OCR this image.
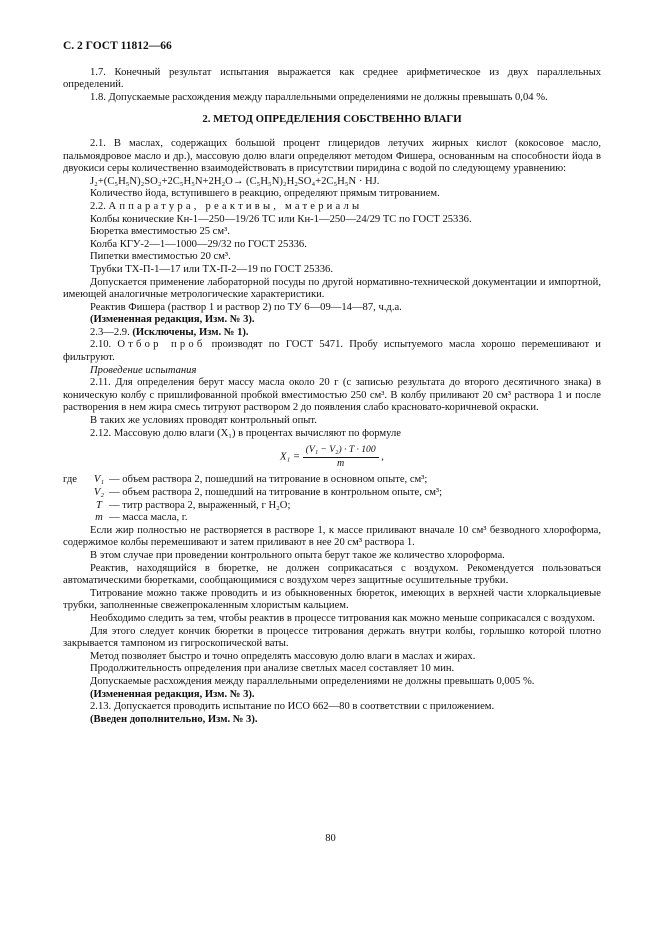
С. 2 ГОСТ 11812—66

1.7. Конечный результат испытания выражается как среднее арифметическое из двух параллельных определений.

1.8. Допускаемые расхождения между параллельными определениями не должны превышать 0,04 %.

2. МЕТОД ОПРЕДЕЛЕНИЯ СОБСТВЕННО ВЛАГИ

2.1. В маслах, содержащих большой процент глицеридов летучих жирных кислот (кокосовое масло, пальмоядровое масло и др.), массовую долю влаги определяют методом Фишера, основанным на способности йода в двуокиси серы количественно взаимодействовать в присутствии пиридина с водой по следующему уравнению:

J₂+(C₅H₅N)₂SO₂+2C₅H₅N+2H₂O→ (C₅H₅N)₂H₂SO₄+2C₅H₅N · HJ.

Количество йода, вступившего в реакцию, определяют прямым титрованием.

2.2. Аппаратура, реактивы, материалы

Колбы конические Кн-1—250—19/26 ТС или Кн-1—250—24/29 ТС по ГОСТ 25336.

Бюретка вместимостью 25 см³.

Колба КГУ-2—1—1000—29/32 по ГОСТ 25336.

Пипетки вместимостью 20 см³.

Трубки ТХ-П-1—17 или ТХ-П-2—19 по ГОСТ 25336.

Допускается применение лабораторной посуды по другой нормативно-технической документации и импортной, имеющей аналогичные метрологические характеристики.

Реактив Фишера (раствор 1 и раствор 2) по ТУ 6—09—14—87, ч.д.а.

(Измененная редакция, Изм. № 3).

2.3—2.9. (Исключены, Изм. № 1).

2.10. Отбор проб производят по ГОСТ 5471. Пробу испытуемого масла хорошо перемешивают и фильтруют.

Проведение испытания

2.11. Для определения берут массу масла около 20 г (с записью результата до второго десятичного знака) в коническую колбу с пришлифованной пробкой вместимостью 250 см³. В колбу приливают 20 см³ раствора 1 и после растворения в нем жира смесь титруют раствором 2 до появления слабо красновато-коричневой окраски.

В таких же условиях проводят контрольный опыт.

2.12. Массовую долю влаги (X₁) в процентах вычисляют по формуле

$X_1 = \frac{\text{(V₁ − V₂) · T · 100}}{m}$ ,
где	V₁ — объем раствора 2, пошедший на титрование в основном опыте, см³;
V₂ — объем раствора 2, пошедший на титрование в контрольном опыте, см³;
T — титр раствора 2, выраженный, г H₂O;
m — масса масла, г.

Если жир полностью не растворяется в растворе 1, к массе приливают вначале 10 см³ безводного хлороформа, содержимое колбы перемешивают и затем приливают в нее 20 см³ раствора 1.

В этом случае при проведении контрольного опыта берут такое же количество хлороформа.

Реактив, находящийся в бюретке, не должен соприкасаться с воздухом. Рекомендуется пользоваться автоматическими бюретками, сообщающимися с воздухом через защитные осушительные трубки.

Титрование можно также проводить и из обыкновенных бюреток, имеющих в верхней части хлоркальциевые трубки, заполненные свежепрокаленным хлористым кальцием.

Необходимо следить за тем, чтобы реактив в процессе титрования как можно меньше соприкасался с воздухом.

Для этого следует кончик бюретки в процессе титрования держать внутри колбы, горлышко которой плотно закрывается тампоном из гигроскопической ваты.

Метод позволяет быстро и точно определять массовую долю влаги в маслах и жирах.

Продолжительность определения при анализе светлых масел составляет 10 мин.

Допускаемые расхождения между параллельными определениями не должны превышать 0,005 %.

(Измененная редакция, Изм. № 3).

2.13. Допускается проводить испытание по ИСО 662—80 в соответствии с приложением.

(Введен дополнительно, Изм. № 3).

80
